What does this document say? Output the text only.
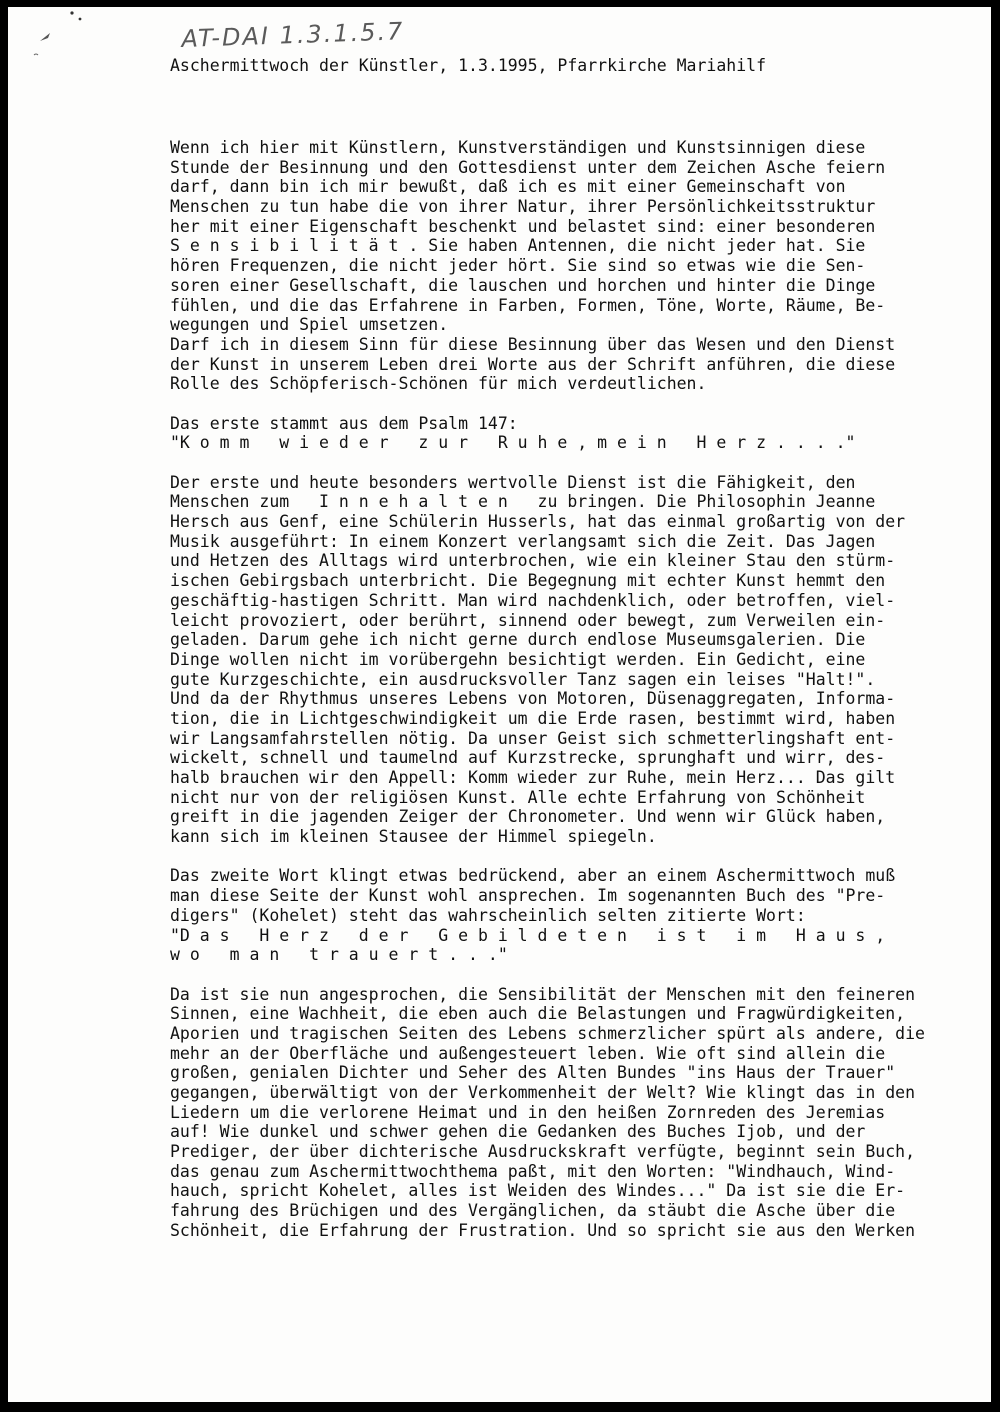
AT-DAI 1.3.1.5.7
Aschermittwoch der Künstler, 1.3.1995, Pfarrkirche Mariahilf
Wenn ich hier mit Künstlern, Kunstverständigen und Kunstsinnigen diese
Stunde der Besinnung und den Gottesdienst unter dem Zeichen Asche feiern
darf, dann bin ich mir bewußt, daß ich es mit einer Gemeinschaft von
Menschen zu tun habe die von ihrer Natur, ihrer Persönlichkeitsstruktur
her mit einer Eigenschaft beschenkt und belastet sind: einer besonderen
S e n s i b i l i t ä t . Sie haben Antennen, die nicht jeder hat. Sie
hören Frequenzen, die nicht jeder hört. Sie sind so etwas wie die Sen-
soren einer Gesellschaft, die lauschen und horchen und hinter die Dinge
fühlen, und die das Erfahrene in Farben, Formen, Töne, Worte, Räume, Be-
wegungen und Spiel umsetzen.
Darf ich in diesem Sinn für diese Besinnung über das Wesen und den Dienst
der Kunst in unserem Leben drei Worte aus der Schrift anführen, die diese
Rolle des Schöpferisch-Schönen für mich verdeutlichen.
Das erste stammt aus dem Psalm 147:
"K o m m   w i e d e r   z u r   R u h e , m e i n   H e r z . . . ."
Der erste und heute besonders wertvolle Dienst ist die Fähigkeit, den
Menschen zum   I n n e h a l t e n   zu bringen. Die Philosophin Jeanne
Hersch aus Genf, eine Schülerin Husserls, hat das einmal großartig von der
Musik ausgeführt: In einem Konzert verlangsamt sich die Zeit. Das Jagen
und Hetzen des Alltags wird unterbrochen, wie ein kleiner Stau den stürm-
ischen Gebirgsbach unterbricht. Die Begegnung mit echter Kunst hemmt den
geschäftig-hastigen Schritt. Man wird nachdenklich, oder betroffen, viel-
leicht provoziert, oder berührt, sinnend oder bewegt, zum Verweilen ein-
geladen. Darum gehe ich nicht gerne durch endlose Museumsgalerien. Die
Dinge wollen nicht im vorübergehn besichtigt werden. Ein Gedicht, eine
gute Kurzgeschichte, ein ausdrucksvoller Tanz sagen ein leises "Halt!".
Und da der Rhythmus unseres Lebens von Motoren, Düsenaggregaten, Informa-
tion, die in Lichtgeschwindigkeit um die Erde rasen, bestimmt wird, haben
wir Langsamfahrstellen nötig. Da unser Geist sich schmetterlingshaft ent-
wickelt, schnell und taumelnd auf Kurzstrecke, sprunghaft und wirr, des-
halb brauchen wir den Appell: Komm wieder zur Ruhe, mein Herz... Das gilt
nicht nur von der religiösen Kunst. Alle echte Erfahrung von Schönheit
greift in die jagenden Zeiger der Chronometer. Und wenn wir Glück haben,
kann sich im kleinen Stausee der Himmel spiegeln.
Das zweite Wort klingt etwas bedrückend, aber an einem Aschermittwoch muß
man diese Seite der Kunst wohl ansprechen. Im sogenannten Buch des "Pre-
digers" (Kohelet) steht das wahrscheinlich selten zitierte Wort:
"D a s   H e r z   d e r   G e b i l d e t e n   i s t   i m   H a u s ,
w o   m a n   t r a u e r t . . ."
Da ist sie nun angesprochen, die Sensibilität der Menschen mit den feineren
Sinnen, eine Wachheit, die eben auch die Belastungen und Fragwürdigkeiten,
Aporien und tragischen Seiten des Lebens schmerzlicher spürt als andere, die
mehr an der Oberfläche und außengesteuert leben. Wie oft sind allein die
großen, genialen Dichter und Seher des Alten Bundes "ins Haus der Trauer"
gegangen, überwältigt von der Verkommenheit der Welt? Wie klingt das in den
Liedern um die verlorene Heimat und in den heißen Zornreden des Jeremias
auf! Wie dunkel und schwer gehen die Gedanken des Buches Ijob, und der
Prediger, der über dichterische Ausdruckskraft verfügte, beginnt sein Buch,
das genau zum Aschermittwochthema paßt, mit den Worten: "Windhauch, Wind-
hauch, spricht Kohelet, alles ist Weiden des Windes..." Da ist sie die Er-
fahrung des Brüchigen und des Vergänglichen, da stäubt die Asche über die
Schönheit, die Erfahrung der Frustration. Und so spricht sie aus den Werken
